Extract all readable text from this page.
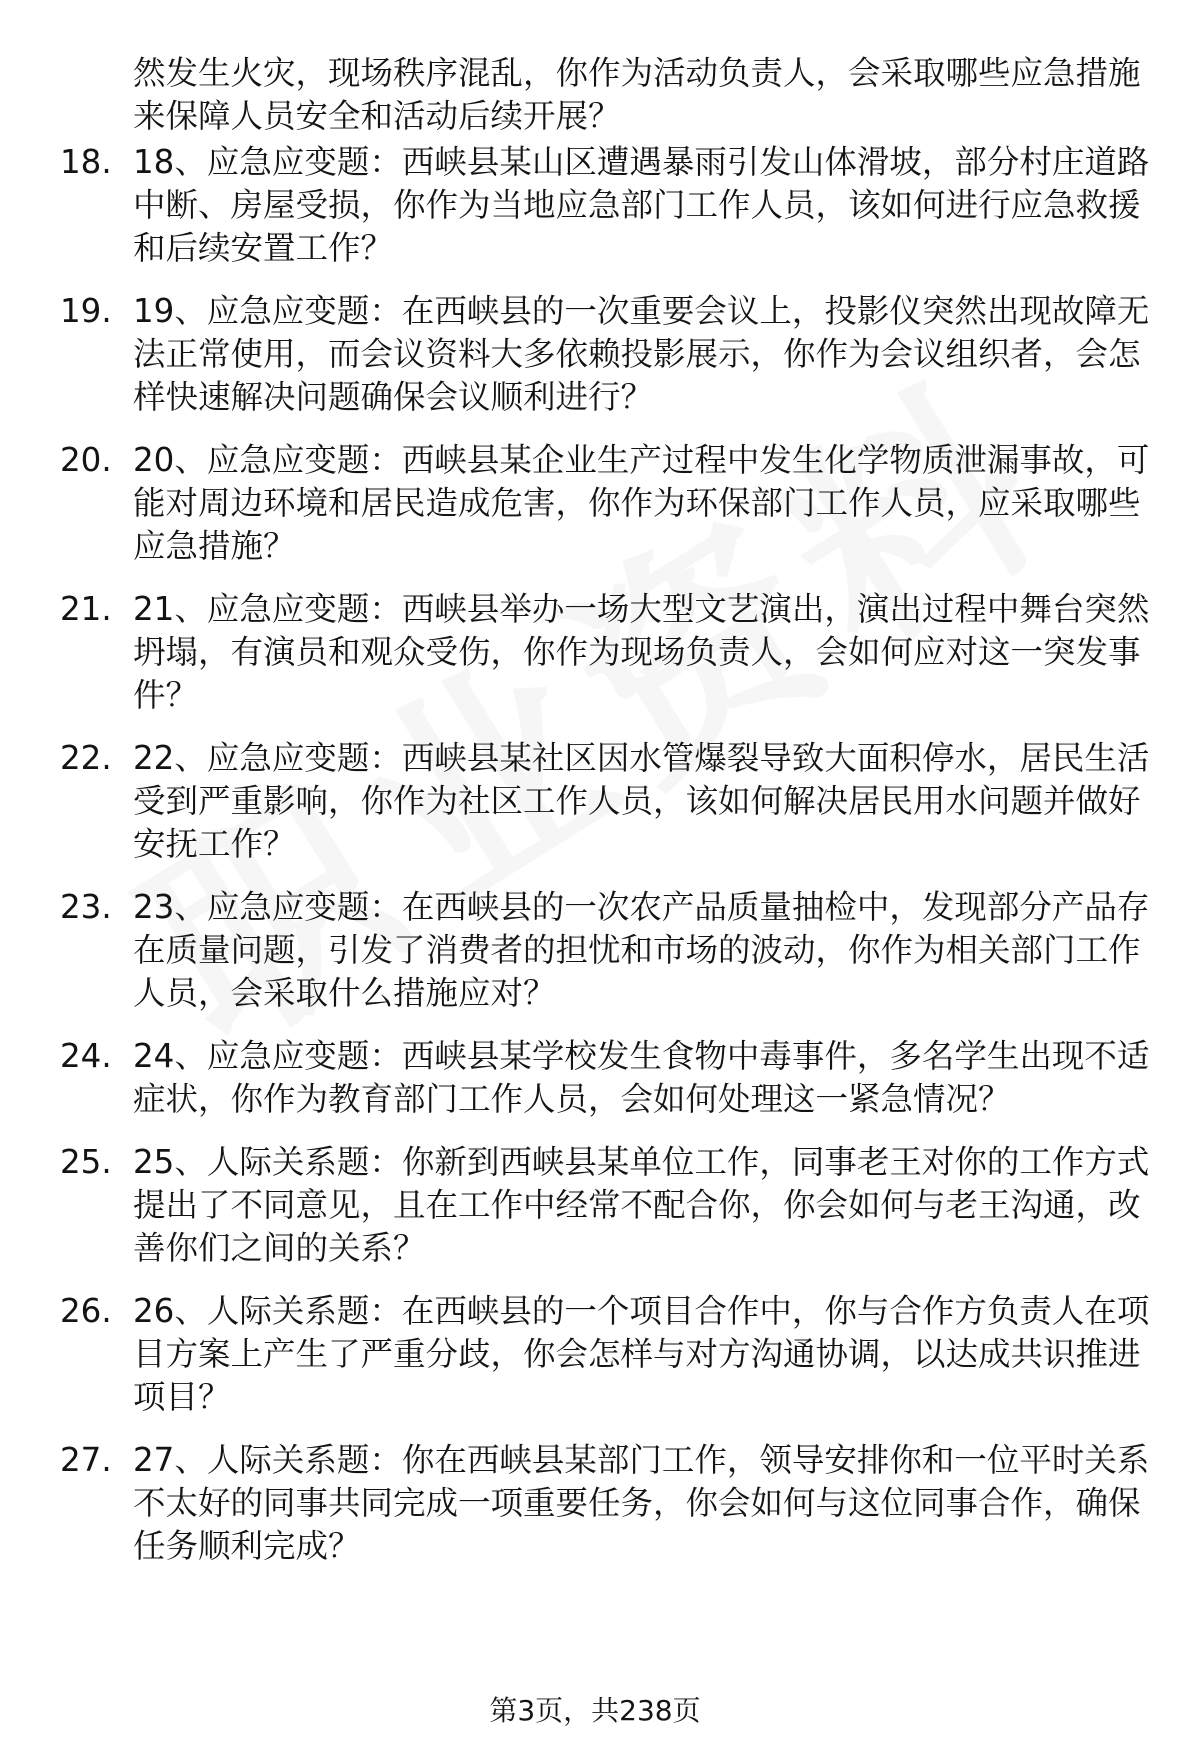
然发生火灾，现场秩序混乱，你作为活动负责人，会采取哪些应急措施来保障人员安全和活动后续开展？
18. 18、应急应变题：西峡县某山区遭遇暴雨引发山体滑坡，部分村庄道路中断、房屋受损，你作为当地应急部门工作人员，该如何进行应急救援和后续安置工作？
19. 19、应急应变题：在西峡县的一次重要会议上，投影仪突然出现故障无法正常使用，而会议资料大多依赖投影展示，你作为会议组织者，会怎样快速解决问题确保会议顺利进行？
20. 20、应急应变题：西峡县某企业生产过程中发生化学物质泄漏事故，可能对周边环境和居民造成危害，你作为环保部门工作人员，应采取哪些应急措施？
21. 21、应急应变题：西峡县举办一场大型文艺演出，演出过程中舞台突然坍塌，有演员和观众受伤，你作为现场负责人，会如何应对这一突发事件？
22. 22、应急应变题：西峡县某社区因水管爆裂导致大面积停水，居民生活受到严重影响，你作为社区工作人员，该如何解决居民用水问题并做好安抚工作？
23. 23、应急应变题：在西峡县的一次农产品质量抽检中，发现部分产品存在质量问题，引发了消费者的担忧和市场的波动，你作为相关部门工作人员，会采取什么措施应对？
24. 24、应急应变题：西峡县某学校发生食物中毒事件，多名学生出现不适症状，你作为教育部门工作人员，会如何处理这一紧急情况？
25. 25、人际关系题：你新到西峡县某单位工作，同事老王对你的工作方式提出了不同意见，且在工作中经常不配合你，你会如何与老王沟通，改善你们之间的关系？
26. 26、人际关系题：在西峡县的一个项目合作中，你与合作方负责人在项目方案上产生了严重分歧，你会怎样与对方沟通协调，以达成共识推进项目？
27. 27、人际关系题：你在西峡县某部门工作，领导安排你和一位平时关系不太好的同事共同完成一项重要任务，你会如何与这位同事合作，确保任务顺利完成？
第3页，共238页
